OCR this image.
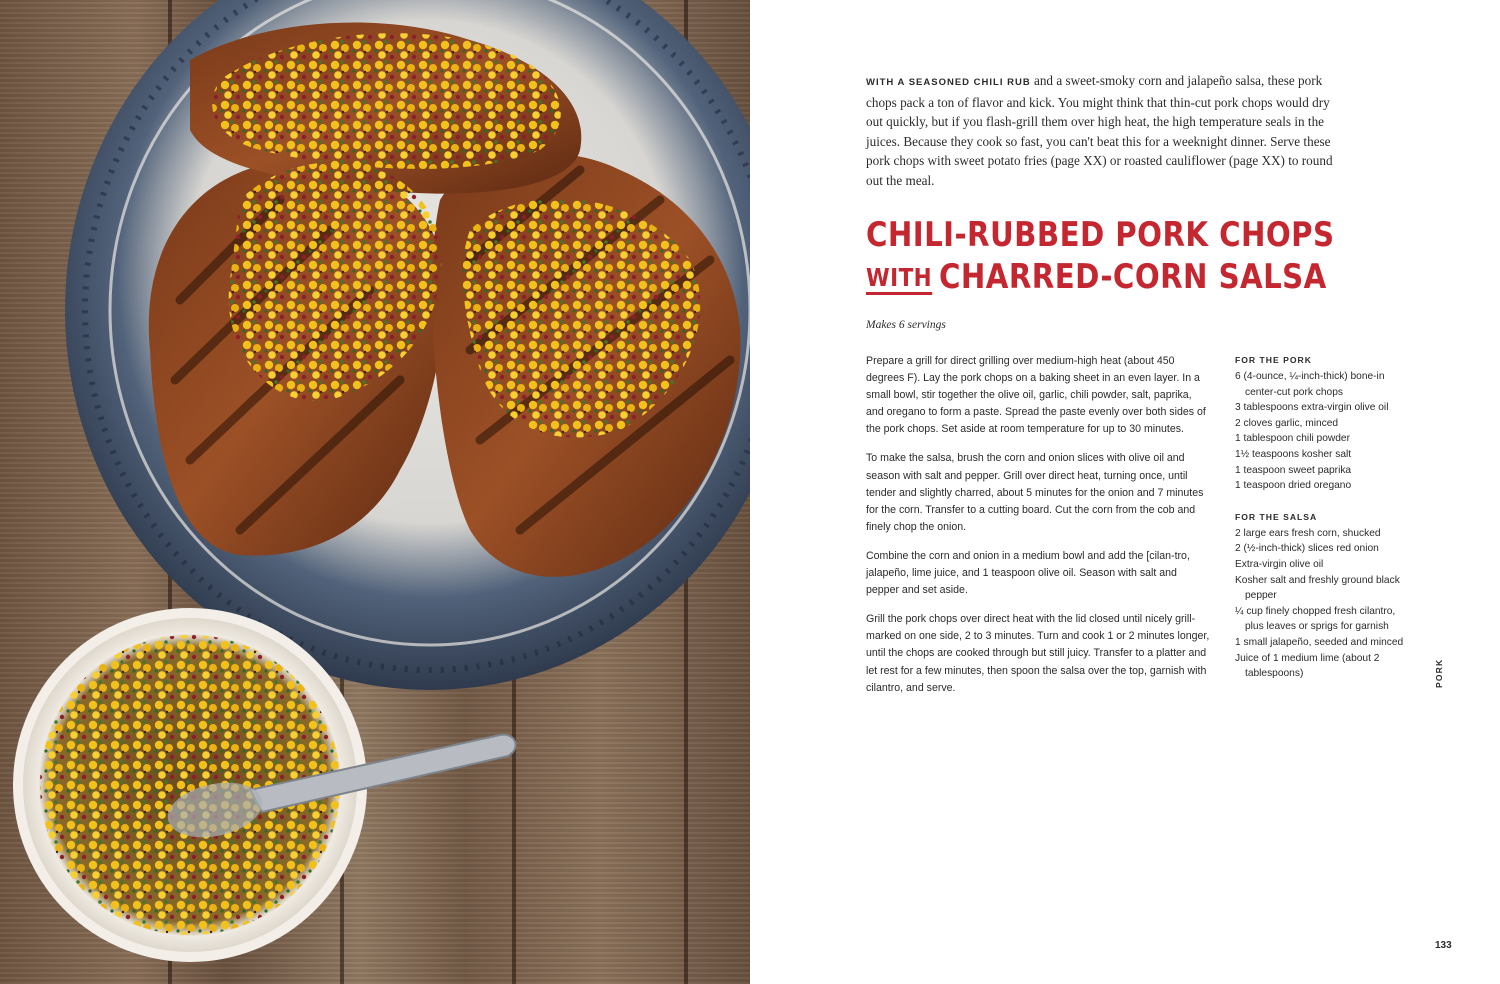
WITH A SEASONED CHILI RUB and a sweet-smoky corn and jalapeño salsa, these pork chops pack a ton of flavor and kick. You might think that thin-cut pork chops would dry out quickly, but if you flash-grill them over high heat, the high temperature seals in the juices. Because they cook so fast, you can't beat this for a weeknight dinner. Serve these pork chops with sweet potato fries (page XX) or roasted cauliflower (page XX) to round out the meal.
CHILI-RUBBED PORK CHOPS
WITH CHARRED-CORN SALSA
Makes 6 servings

Prepare a grill for direct grilling over medium-high heat (about 450 degrees F). Lay the pork chops on a baking sheet in an even layer. In a small bowl, stir together the olive oil, garlic, chili powder, salt, paprika, and oregano to form a paste. Spread the paste evenly over both sides of the pork chops. Set aside at room temperature for up to 30 minutes.

To make the salsa, brush the corn and onion slices with olive oil and season with salt and pepper. Grill over direct heat, turning once, until tender and slightly charred, about 5 minutes for the onion and 7 minutes for the corn. Transfer to a cutting board. Cut the corn from the cob and finely chop the onion.

Combine the corn and onion in a medium bowl and add the [cilan-tro, jalapeño, lime juice, and 1 teaspoon olive oil. Season with salt and pepper and set aside.

Grill the pork chops over direct heat with the lid closed until nicely grill-marked on one side, 2 to 3 minutes. Turn and cook 1 or 2 minutes longer, until the chops are cooked through but still juicy. Transfer to a platter and let rest for a few minutes, then spoon the salsa over the top, garnish with cilantro, and serve.

FOR THE PORK
6 (4-ounce, ¼-inch-thick) bone-in center-cut pork chops
3 tablespoons extra-virgin olive oil
2 cloves garlic, minced
1 tablespoon chili powder
1½ teaspoons kosher salt
1 teaspoon sweet paprika
1 teaspoon dried oregano
FOR THE SALSA
2 large ears fresh corn, shucked
2 (½-inch-thick) slices red onion
Extra-virgin olive oil
Kosher salt and freshly ground black pepper
¼ cup finely chopped fresh cilantro, plus leaves or sprigs for garnish
1 small jalapeño, seeded and minced
Juice of 1 medium lime (about 2 tablespoons)	PORK
133
